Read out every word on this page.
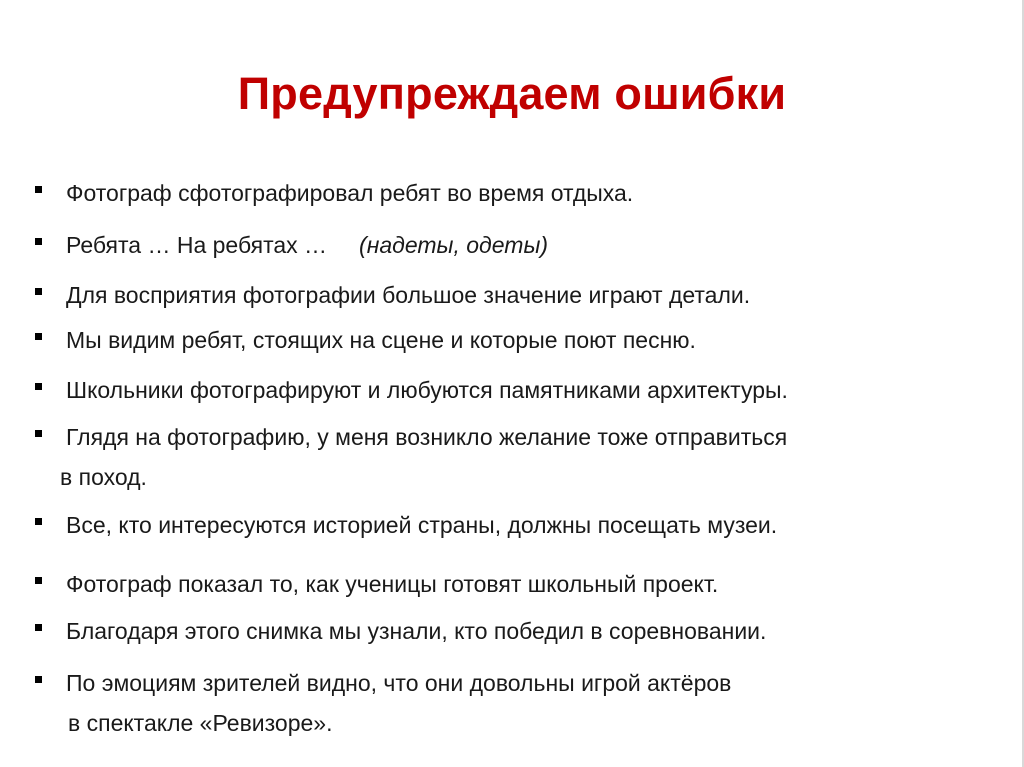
Предупреждаем ошибки
Фотограф сфотографировал ребят во время отдыха.
Ребята … На ребятах … (надеты, одеты)
Для восприятия фотографии большое значение играют детали.
Мы видим ребят, стоящих на сцене и которые поют песню.
Школьники фотографируют и любуются памятниками архитектуры.
Глядя на фотографию, у меня возникло желание тоже отправиться
в поход.
Все, кто интересуются историей страны, должны посещать музеи.
Фотограф показал то, как ученицы готовят школьный проект.
Благодаря этого снимка мы узнали, кто победил в соревновании.
По эмоциям зрителей видно, что они довольны игрой актёров
в спектакле «Ревизоре».
